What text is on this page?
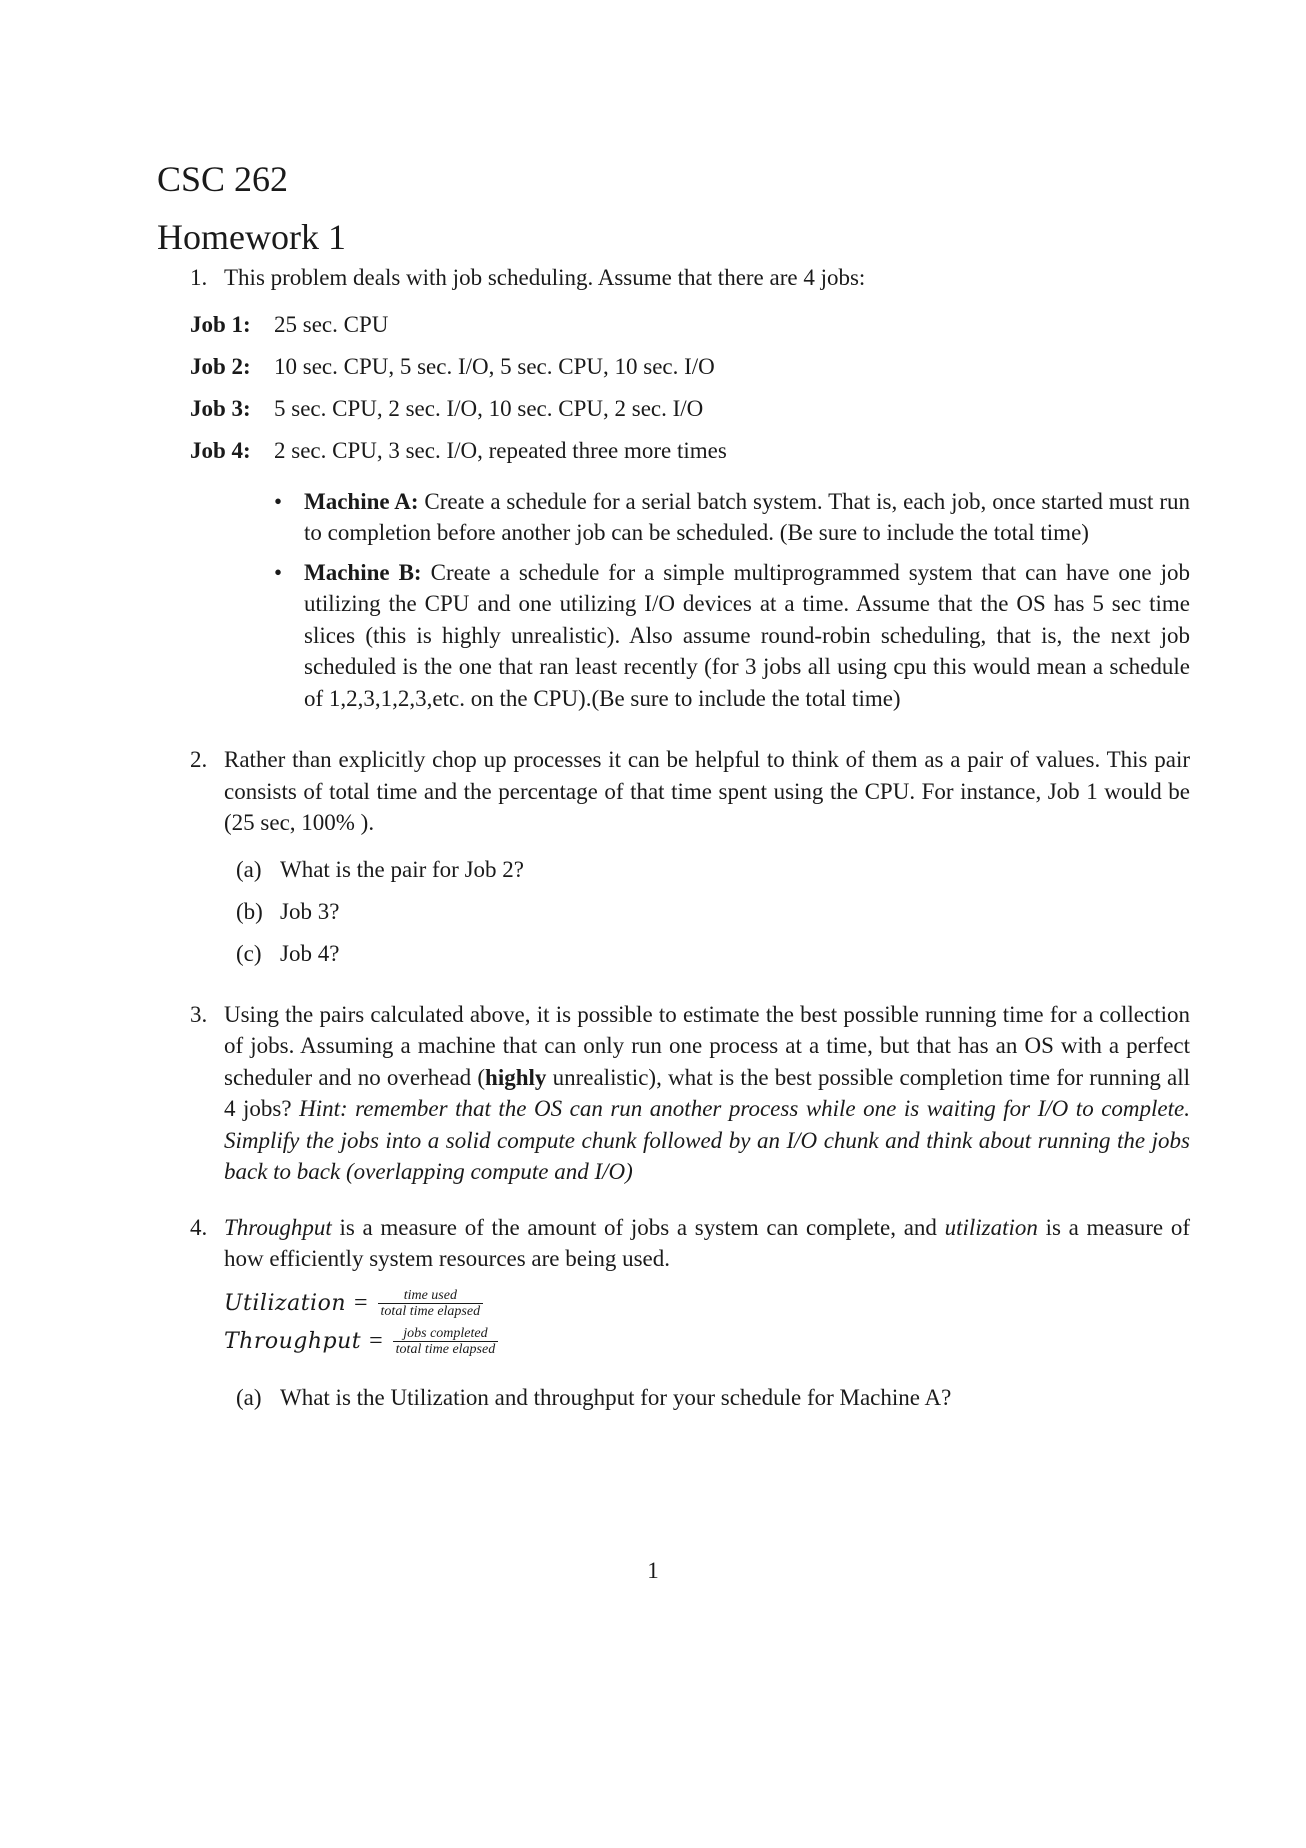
CSC 262
Homework 1
1. This problem deals with job scheduling. Assume that there are 4 jobs:
Job 1: 25 sec. CPU
Job 2: 10 sec. CPU, 5 sec. I/O, 5 sec. CPU, 10 sec. I/O
Job 3: 5 sec. CPU, 2 sec. I/O, 10 sec. CPU, 2 sec. I/O
Job 4: 2 sec. CPU, 3 sec. I/O, repeated three more times
• Machine A: Create a schedule for a serial batch system. That is, each job, once started must run to completion before another job can be scheduled. (Be sure to include the total time)
• Machine B: Create a schedule for a simple multiprogrammed system that can have one job utilizing the CPU and one utilizing I/O devices at a time. Assume that the OS has 5 sec time slices (this is highly unrealistic). Also assume round-robin scheduling, that is, the next job scheduled is the one that ran least recently (for 3 jobs all using cpu this would mean a schedule of 1,2,3,1,2,3,etc. on the CPU).(Be sure to include the total time)
2. Rather than explicitly chop up processes it can be helpful to think of them as a pair of values. This pair consists of total time and the percentage of that time spent using the CPU. For instance, Job 1 would be (25 sec, 100% ).
(a) What is the pair for Job 2?
(b) Job 3?
(c) Job 4?
3. Using the pairs calculated above, it is possible to estimate the best possible running time for a collection of jobs. Assuming a machine that can only run one process at a time, but that has an OS with a perfect scheduler and no overhead (highly unrealistic), what is the best possible completion time for running all 4 jobs? Hint: remember that the OS can run another process while one is waiting for I/O to complete. Simplify the jobs into a solid compute chunk followed by an I/O chunk and think about running the jobs back to back (overlapping compute and I/O)
4. Throughput is a measure of the amount of jobs a system can complete, and utilization is a measure of how efficiently system resources are being used.
Utilization = $\frac{\text{time used}}{\text{total time elapsed}}$
Throughput = $\frac{\text{jobs completed}}{\text{total time elapsed}}$
(a) What is the Utilization and throughput for your schedule for Machine A?
1
